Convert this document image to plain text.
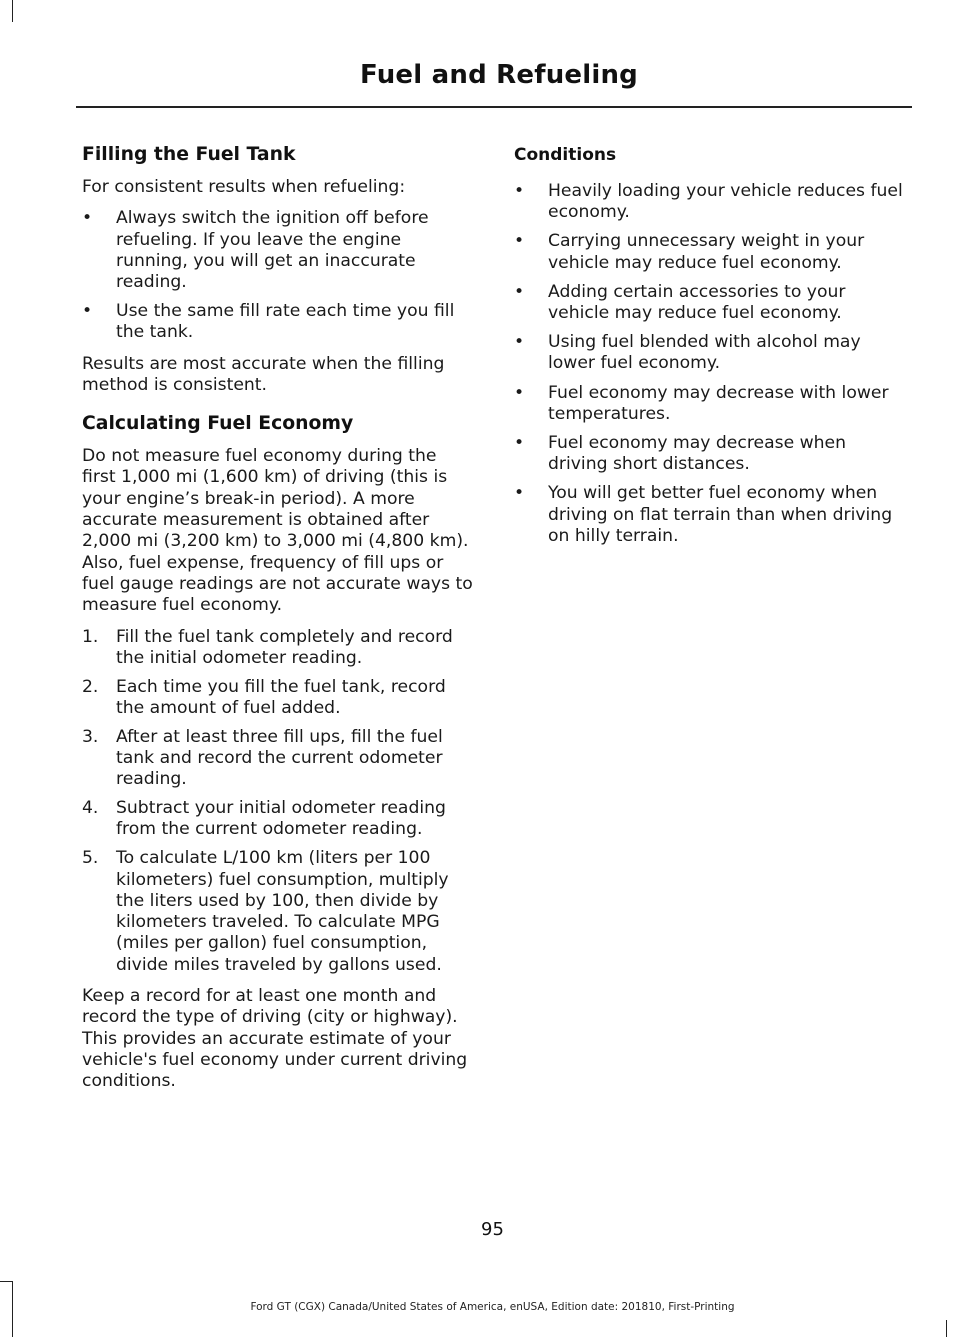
Fuel and Refueling
Filling the Fuel Tank

For consistent results when refueling:

• Always switch the ignition off before refueling. If you leave the engine running, you will get an inaccurate reading.
• Use the same fill rate each time you fill the tank.

Results are most accurate when the filling method is consistent.

Calculating Fuel Economy

Do not measure fuel economy during the first 1,000 mi (1,600 km) of driving (this is your engine’s break-in period). A more accurate measurement is obtained after 2,000 mi (3,200 km) to 3,000 mi (4,800 km). Also, fuel expense, frequency of fill ups or fuel gauge readings are not accurate ways to measure fuel economy.

1. Fill the fuel tank completely and record the initial odometer reading.
2. Each time you fill the fuel tank, record the amount of fuel added.
3. After at least three fill ups, fill the fuel tank and record the current odometer reading.
4. Subtract your initial odometer reading from the current odometer reading.
5. To calculate L/100 km (liters per 100 kilometers) fuel consumption, multiply the liters used by 100, then divide by kilometers traveled. To calculate MPG (miles per gallon) fuel consumption, divide miles traveled by gallons used.

Keep a record for at least one month and record the type of driving (city or highway). This provides an accurate estimate of your vehicle's fuel economy under current driving conditions.

Conditions
• Heavily loading your vehicle reduces fuel economy.
• Carrying unnecessary weight in your vehicle may reduce fuel economy.
• Adding certain accessories to your vehicle may reduce fuel economy.
• Using fuel blended with alcohol may lower fuel economy.
• Fuel economy may decrease with lower temperatures.
• Fuel economy may decrease when driving short distances.
• You will get better fuel economy when driving on flat terrain than when driving on hilly terrain.
95
Ford GT (CGX) Canada/United States of America, enUSA, Edition date: 201810, First-Printing
